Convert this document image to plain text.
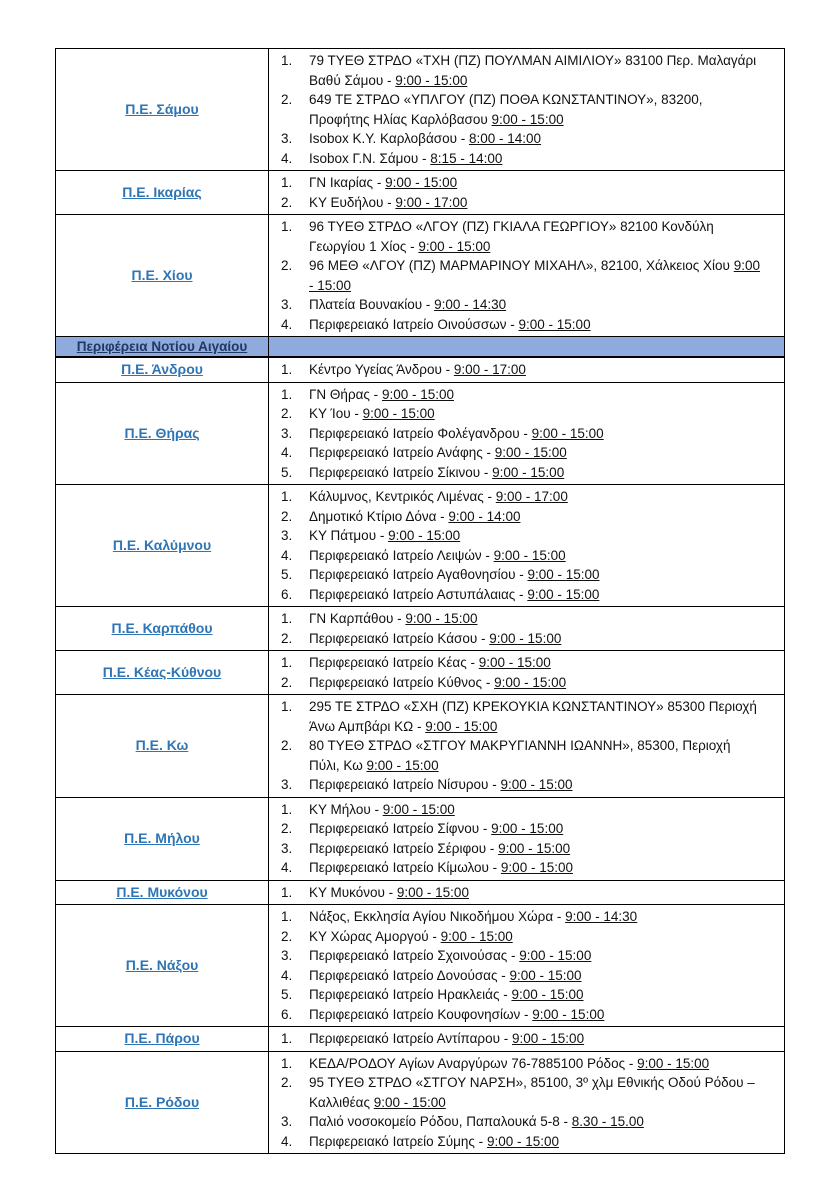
Π.Ε. Σάμου	
1.	79 ΤΥΕΘ ΣΤΡΔΟ «ΤΧΗ (ΠΖ) ΠΟΥΛΜΑΝ ΑΙΜΙΛΙΟΥ» 83100 Περ. Μαλαγάρι Βαθύ Σάμου - 9:00 - 15:00
2.	649 ΤΕ ΣΤΡΔΟ «ΥΠΛΓΟΥ (ΠΖ) ΠΟΘΑ ΚΩΝΣΤΑΝΤΙΝΟΥ», 83200, Προφήτης Ηλίας Καρλόβασου 9:00 - 15:00
3.	Isobox Κ.Υ. Καρλοβάσου - 8:00 - 14:00
4.	Isobox Γ.Ν. Σάμου - 8:15 - 14:00

Π.Ε. Ικαρίας	
1.	ΓΝ Ικαρίας - 9:00 - 15:00
2.	ΚΥ Ευδήλου - 9:00 - 17:00

Π.Ε. Χίου	
1.	96 ΤΥΕΘ ΣΤΡΔΟ «ΛΓΟΥ (ΠΖ) ΓΚΙΑΛΑ ΓΕΩΡΓΙΟΥ» 82100 Κονδύλη Γεωργίου 1 Χίος - 9:00 - 15:00
2.	96 ΜΕΘ «ΛΓΟΥ (ΠΖ) ΜΑΡΜΑΡΙΝΟΥ ΜΙΧΑΗΛ», 82100, Χάλκειος Χίου 9:00 - 15:00
3.	Πλατεία Βουνακίου - 9:00 - 14:30
4.	Περιφερειακό Ιατρείο Οινούσσων - 9:00 - 15:00

Περιφέρεια Νοτίου Αιγαίου	
Π.Ε. Άνδρου	1.	Κέντρο Υγείας Άνδρου - 9:00 - 17:00

Π.Ε. Θήρας	
1.	ΓΝ Θήρας - 9:00 - 15:00
2.	ΚΥ Ίου - 9:00 - 15:00
3.	Περιφερειακό Ιατρείο Φολέγανδρου - 9:00 - 15:00
4.	Περιφερειακό Ιατρείο Ανάφης - 9:00 - 15:00
5.	Περιφερειακό Ιατρείο Σίκινου - 9:00 - 15:00

Π.Ε. Καλύμνου	
1.	Κάλυμνος, Κεντρικός Λιμένας - 9:00 - 17:00
2.	Δημοτικό Κτίριο Δόνα - 9:00 - 14:00
3.	ΚΥ Πάτμου - 9:00 - 15:00
4.	Περιφερειακό Ιατρείο Λειψών - 9:00 - 15:00
5.	Περιφερειακό Ιατρείο Αγαθονησίου - 9:00 - 15:00
6.	Περιφερειακό Ιατρείο Αστυπάλαιας - 9:00 - 15:00

Π.Ε. Καρπάθου	
1.	ΓΝ Καρπάθου - 9:00 - 15:00
2.	Περιφερειακό Ιατρείο Κάσου - 9:00 - 15:00

Π.Ε. Κέας-Κύθνου	
1.	Περιφερειακό Ιατρείο Κέας - 9:00 - 15:00
2.	Περιφερειακό Ιατρείο Κύθνος - 9:00 - 15:00

Π.Ε. Κω	
1.	295 ΤΕ ΣΤΡΔΟ «ΣΧΗ (ΠΖ) ΚΡΕΚΟΥΚΙΑ ΚΩΝΣΤΑΝΤΙΝΟΥ» 85300 Περιοχή Άνω Αμπβάρι ΚΩ - 9:00 - 15:00
2.	80 ΤΥΕΘ ΣΤΡΔΟ «ΣΤΓΟΥ ΜΑΚΡΥΓΙΑΝΝΗ ΙΩΑΝΝΗ», 85300, Περιοχή Πύλι, Κω 9:00 - 15:00
3.	Περιφερειακό Ιατρείο Νίσυρου - 9:00 - 15:00

Π.Ε. Μήλου	
1.	ΚΥ Μήλου - 9:00 - 15:00
2.	Περιφερειακό Ιατρείο Σίφνου - 9:00 - 15:00
3.	Περιφερειακό Ιατρείο Σέριφου - 9:00 - 15:00
4.	Περιφερειακό Ιατρείο Κίμωλου - 9:00 - 15:00

Π.Ε. Μυκόνου	1.	ΚΥ Μυκόνου - 9:00 - 15:00

Π.Ε. Νάξου	
1.	Νάξος, Εκκλησία Αγίου Νικοδήμου Χώρα - 9:00 - 14:30
2.	ΚΥ Χώρας Αμοργού - 9:00 - 15:00
3.	Περιφερειακό Ιατρείο Σχοινούσας - 9:00 - 15:00
4.	Περιφερειακό Ιατρείο Δονούσας - 9:00 - 15:00
5.	Περιφερειακό Ιατρείο Ηρακλειάς - 9:00 - 15:00
6.	Περιφερειακό Ιατρείο Κουφονησίων - 9:00 - 15:00

Π.Ε. Πάρου	1.	Περιφερειακό Ιατρείο Αντίπαρου - 9:00 - 15:00

Π.Ε. Ρόδου	
1.	ΚΕΔΑ/ΡΟΔΟΥ Αγίων Αναργύρων 76-7885100 Ρόδος - 9:00 - 15:00
2.	95 ΤΥΕΘ ΣΤΡΔΟ «ΣΤΓΟΥ ΝΑΡΣΗ», 85100, 3º χλμ Εθνικής Οδού Ρόδου – Καλλιθέας 9:00 - 15:00
3.	Παλιό νοσοκομείο Ρόδου, Παπαλουκά 5-8 - 8.30 - 15.00
4.	Περιφερειακό Ιατρείο Σύμης - 9:00 - 15:00
